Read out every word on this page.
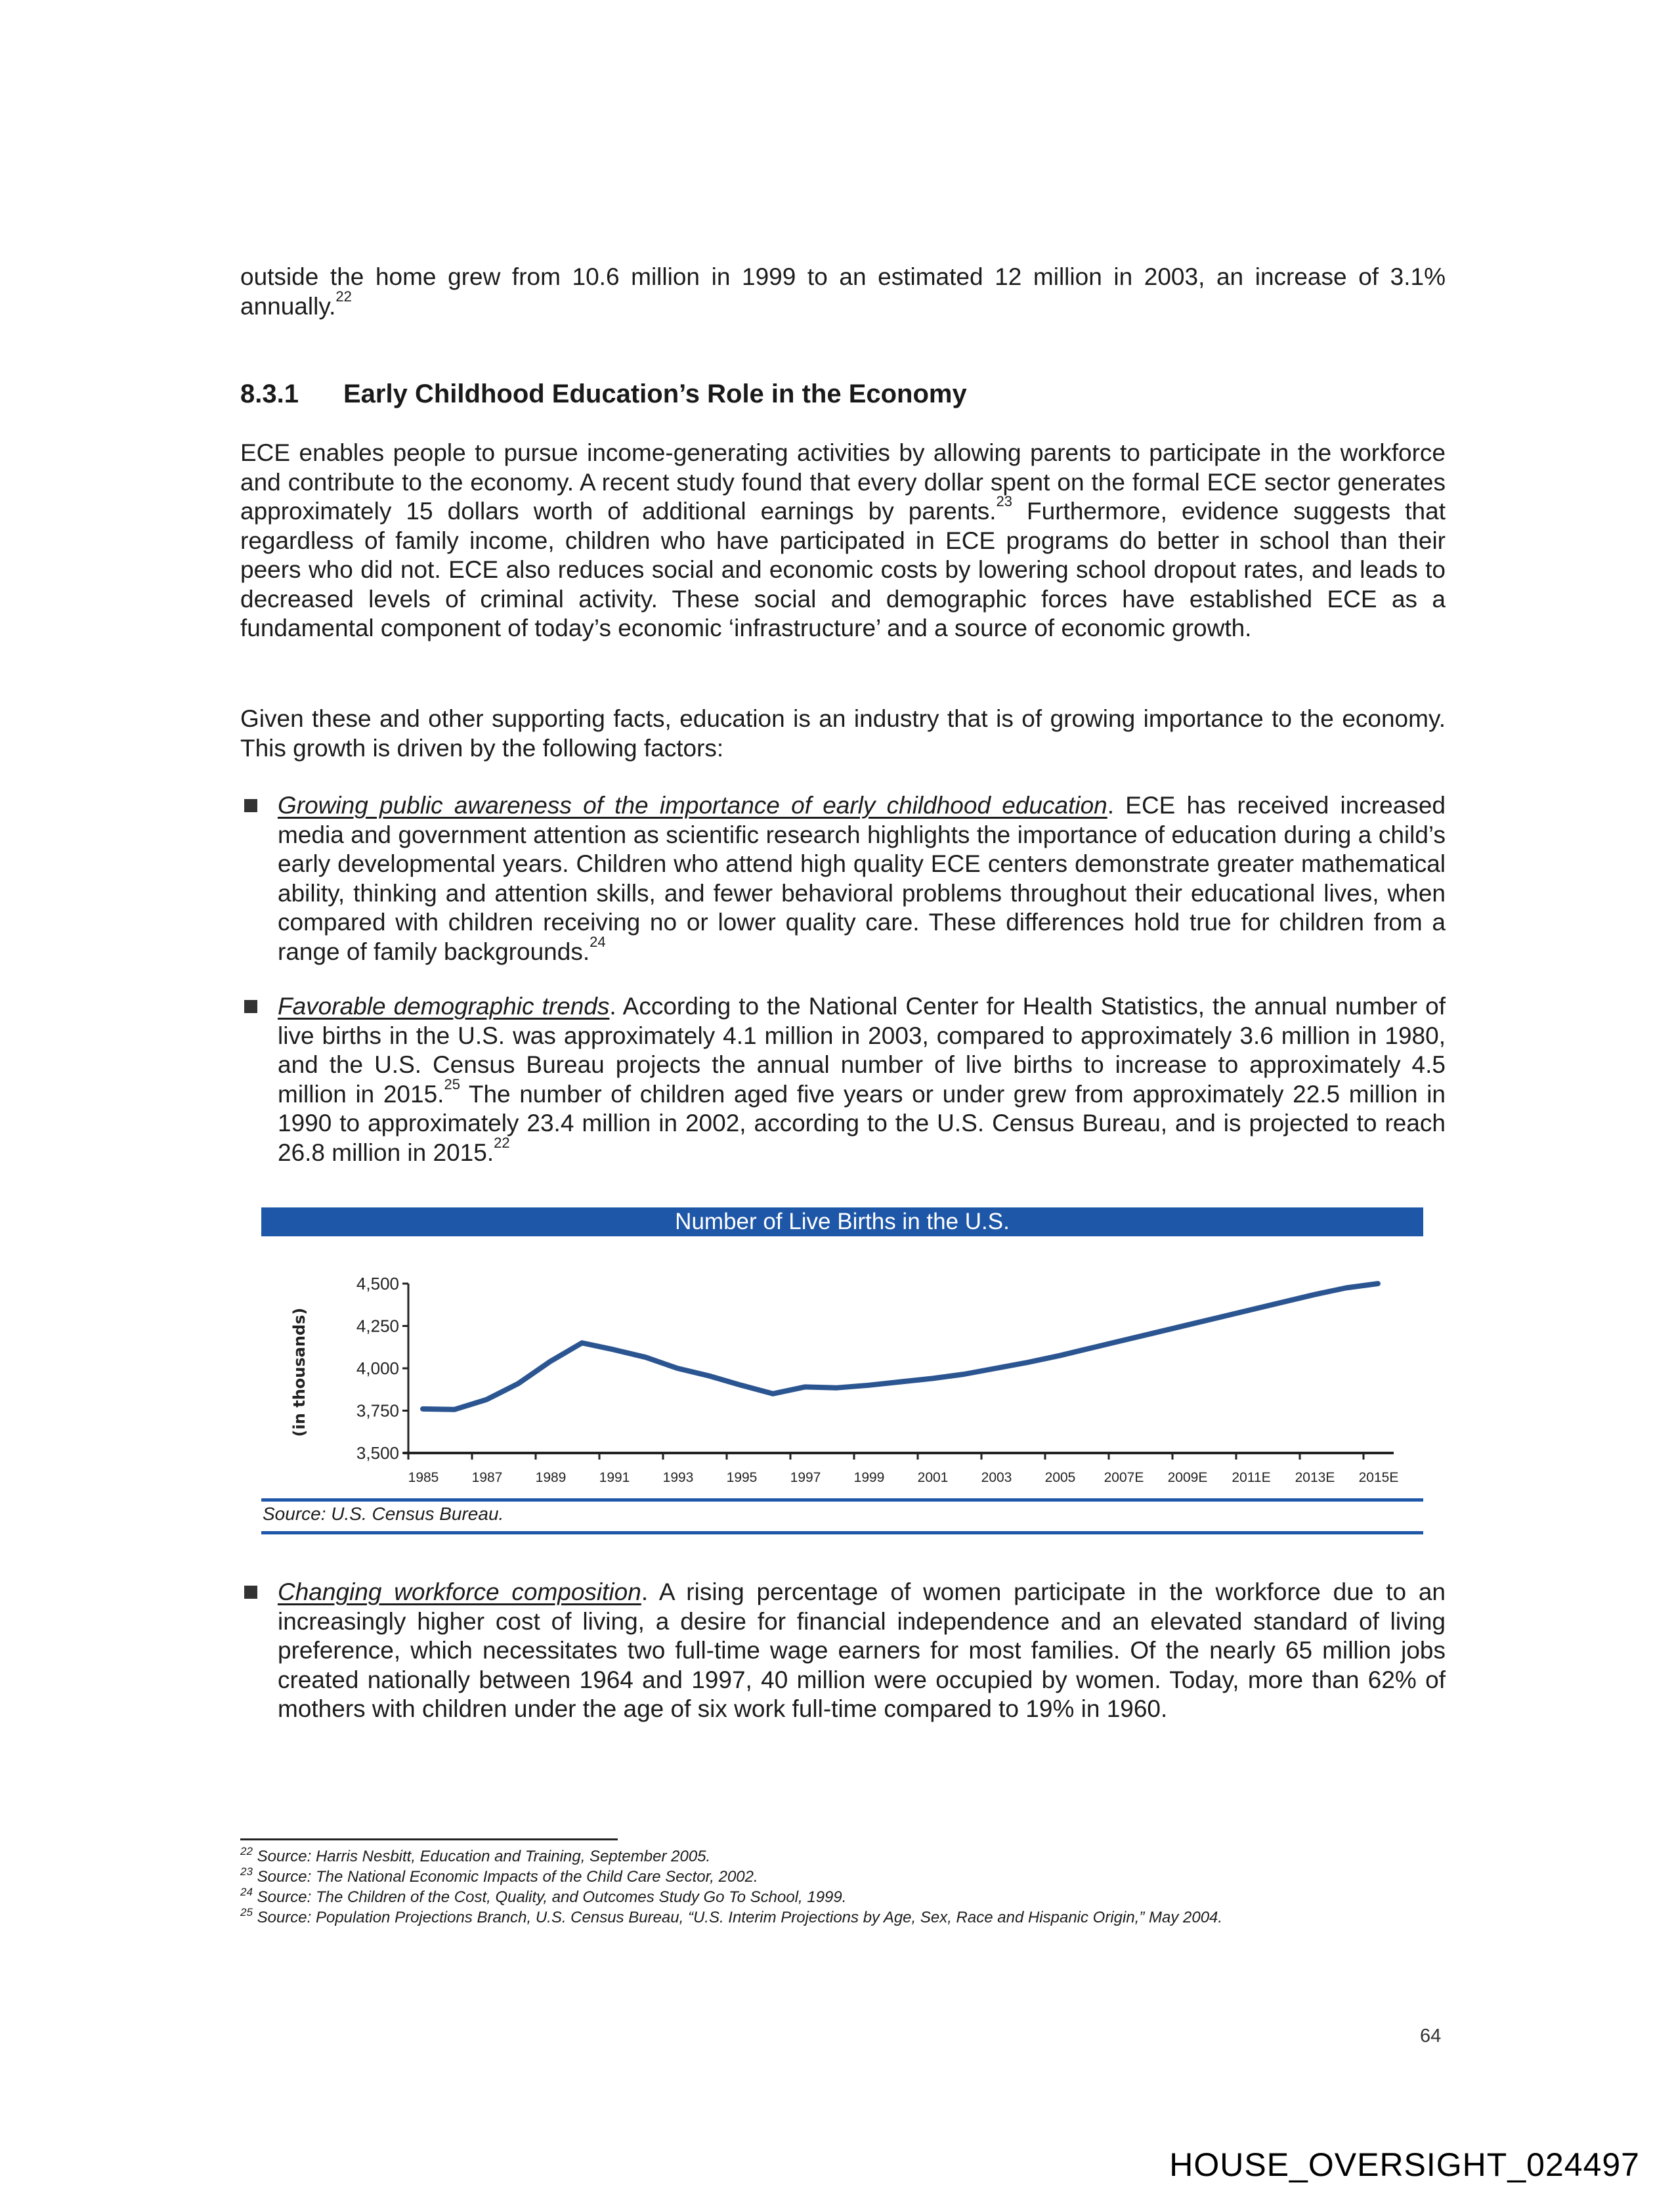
outside the home grew from 10.6 million in 1999 to an estimated 12 million in 2003, an increase of 3.1% annually.$^{22}$
8.3.1 Early Childhood Education’s Role in the Economy
ECE enables people to pursue income-generating activities by allowing parents to participate in the workforce and contribute to the economy. A recent study found that every dollar spent on the formal ECE sector generates approximately 15 dollars worth of additional earnings by parents.$^{23}$ Furthermore, evidence suggests that regardless of family income, children who have participated in ECE programs do better in school than their peers who did not. ECE also reduces social and economic costs by lowering school dropout rates, and leads to decreased levels of criminal activity. These social and demographic forces have established ECE as a fundamental component of today’s economic ‘infrastructure’ and a source of economic growth.
Given these and other supporting facts, education is an industry that is of growing importance to the economy. This growth is driven by the following factors:
Growing public awareness of the importance of early childhood education. ECE has received increased media and government attention as scientific research highlights the importance of education during a child’s early developmental years. Children who attend high quality ECE centers demonstrate greater mathematical ability, thinking and attention skills, and fewer behavioral problems throughout their educational lives, when compared with children receiving no or lower quality care. These differences hold true for children from a range of family backgrounds.$^{24}$
Favorable demographic trends. According to the National Center for Health Statistics, the annual number of live births in the U.S. was approximately 4.1 million in 2003, compared to approximately 3.6 million in 1980, and the U.S. Census Bureau projects the annual number of live births to increase to approximately 4.5 million in 2015.25 The number of children aged five years or under grew from approximately 22.5 million in 1990 to approximately 23.4 million in 2002, according to the U.S. Census Bureau, and is projected to reach 26.8 million in 2015.22
Number of Live Births in the U.S.
3,500
3,750
4,000
4,250
4,500
1985 1987 1989 1991 1993 1995 1997 1999 2001 2003 2005 2007E 2009E 2011E 2013E 2015E
(in thousands)
Source: U.S. Census Bureau.
Changing workforce composition. A rising percentage of women participate in the workforce due to an increasingly higher cost of living, a desire for financial independence and an elevated standard of living preference, which necessitates two full-time wage earners for most families. Of the nearly 65 million jobs created nationally between 1964 and 1997, 40 million were occupied by women. Today, more than 62% of mothers with children under the age of six work full-time compared to 19% in 1960.
$^{22}$ Source: Harris Nesbitt, Education and Training, September 2005.
$^{23}$ Source: The National Economic Impacts of the Child Care Sector, 2002.
$^{24}$ Source: The Children of the Cost, Quality, and Outcomes Study Go To School, 1999.
$^{25}$ Source: Population Projections Branch, U.S. Census Bureau, “U.S. Interim Projections by Age, Sex, Race and Hispanic Origin,” May 2004.
64
HOUSE_OVERSIGHT_024497
